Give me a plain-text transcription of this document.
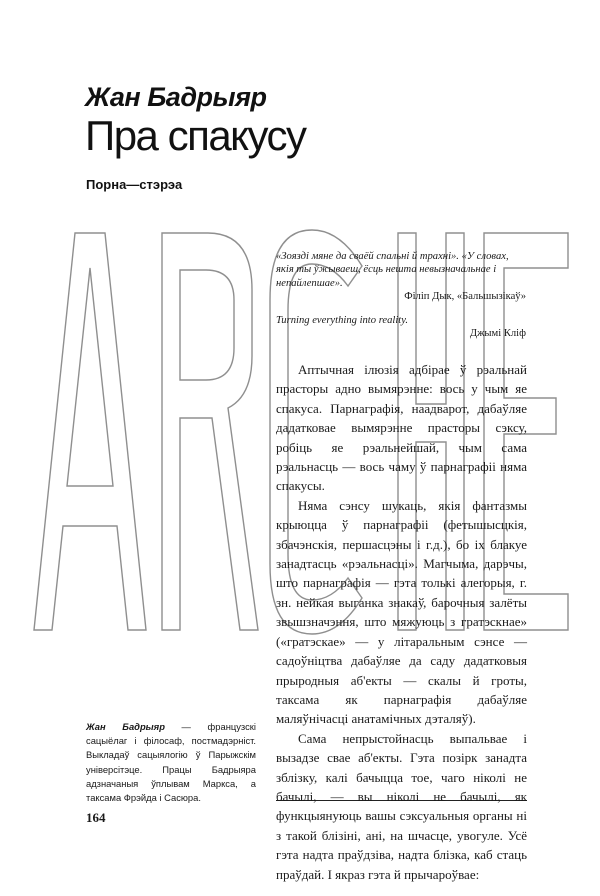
Жан Бадрыяр
Пра спакусу
Порна—стэрэа

«Зоязді мяне да сваёй спальні й трахні». «У словах, якія ты ўжываеш, ёсць нешта невызначальнае і непайлепшае».

Філіп Дык, «Бальшызікаў»

Turning everything into reality.

Джымі Кліф

Аптычная ілюзія адбірае ў рэальнай прасторы адно вымярэнне: вось у чым яе спакуса. Парнаграфія, наадварот, дабаўляе дадатковае вымярэнне прасторы сэксу, робіць яе рэальнейшай, чым сама рэальнасць — вось чаму ў парнаграфіі няма спакусы.

Няма сэнсу шукаць, якія фантазмы крыюцца ў парнаграфіі (фетышысцкія, збачэнскія, першасцэны і г.д.), бо іх блакуе занадтасць «рэальнасці». Магчыма, дарэчы, што парнаграфія — гэта толькі алегорыя, г. зн. нейкая выганка знакаў, барочныя залёты звышзначэння, што мяжуюць з гратэскнае» («гратэскае» — у літаральным сэнсе — садоўніцтва дабаўляе да саду дадатковыя прыродныя аб'екты — скалы й гроты, таксама як парнаграфія дабаўляе маляўнічасці анатамічных дэталяў).

Сама непрыстойнасць выпальвае і вызадзе свае аб'екты. Гэта позірк занадта зблізку, калі бачыцца тое, чаго ніколі не бачылі, — вы ніколі не бачылі, як функцыянуюць вашы сэксуальныя органы ні з такой блізіні, ані, на шчасце, увогуле. Усё гэта надта праўдзіва, надта блізка, каб стаць праўдай. І якраз гэта й прычароўвае:

Жан Бадрыяр — французскі сацыёлаг і філосаф, постмадэрніст. Выкладаў сацыялогію ў Парыжскім універсітэце. Працы Бадрыяра адзначаныя ўплывам Маркса, а таксама Фрэйда і Сасюра.

164
